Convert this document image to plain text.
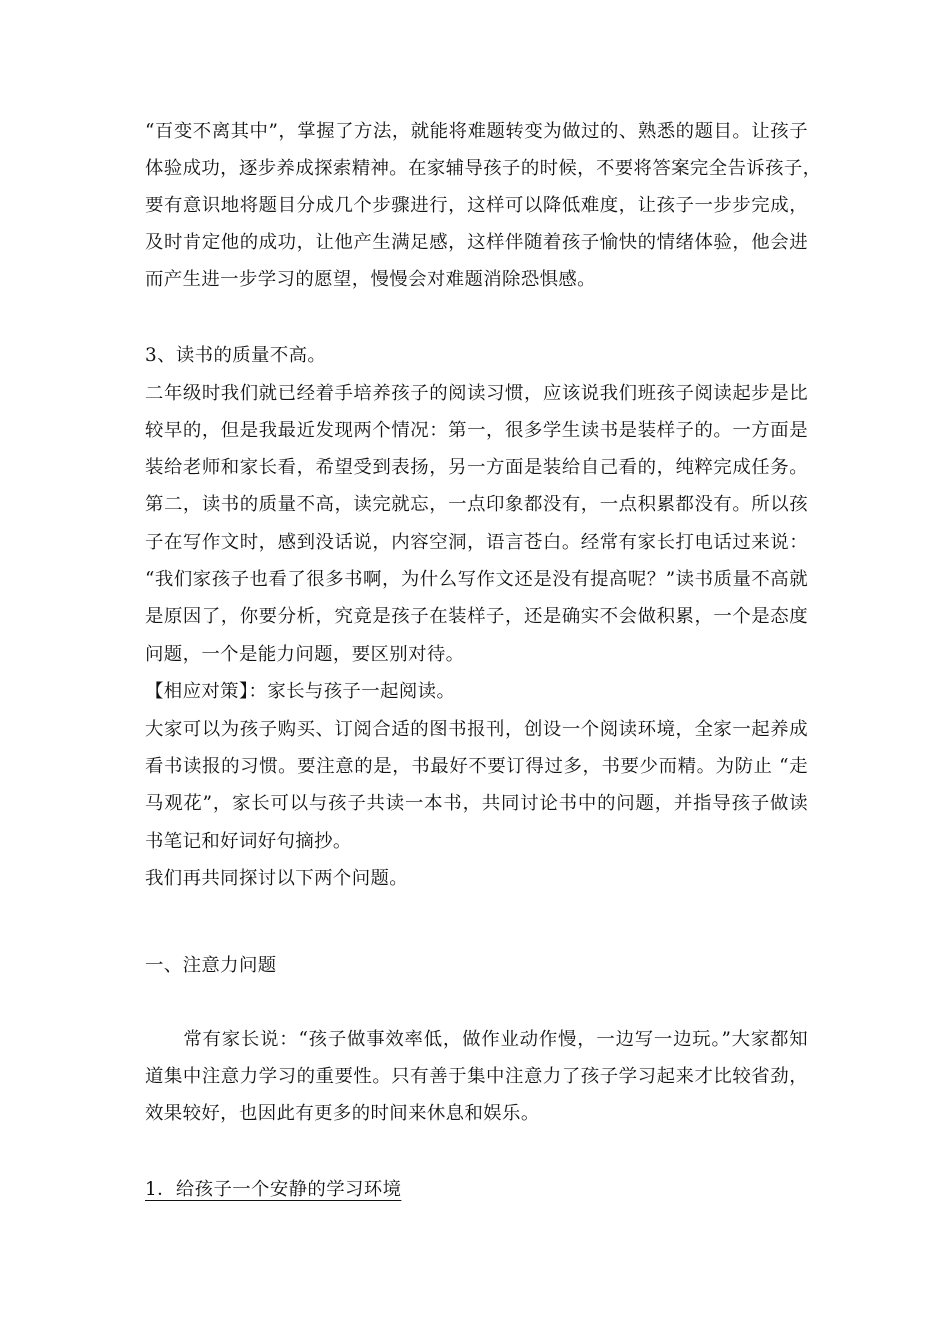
“百变不离其中”，掌握了方法，就能将难题转变为做过的、熟悉的题目。让孩子
体验成功，逐步养成探索精神。在家辅导孩子的时候，不要将答案完全告诉孩子，
要有意识地将题目分成几个步骤进行，这样可以降低难度，让孩子一步步完成，
及时肯定他的成功，让他产生满足感，这样伴随着孩子愉快的情绪体验，他会进
而产生进一步学习的愿望，慢慢会对难题消除恐惧感。
3、读书的质量不高。
二年级时我们就已经着手培养孩子的阅读习惯，应该说我们班孩子阅读起步是比
较早的，但是我最近发现两个情况：第一，很多学生读书是装样子的。一方面是
装给老师和家长看，希望受到表扬，另一方面是装给自己看的，纯粹完成任务。
第二，读书的质量不高，读完就忘，一点印象都没有，一点积累都没有。所以孩
子在写作文时，感到没话说，内容空洞，语言苍白。经常有家长打电话过来说：
“我们家孩子也看了很多书啊，为什么写作文还是没有提高呢？”读书质量不高就
是原因了，你要分析，究竟是孩子在装样子，还是确实不会做积累，一个是态度
问题，一个是能力问题，要区别对待。
【相应对策】：家长与孩子一起阅读。
大家可以为孩子购买、订阅合适的图书报刊，创设一个阅读环境，全家一起养成
看书读报的习惯。要注意的是，书最好不要订得过多，书要少而精。为防止 “走
马观花”，家长可以与孩子共读一本书，共同讨论书中的问题，并指导孩子做读
书笔记和好词好句摘抄。
我们再共同探讨以下两个问题。
一、注意力问题
　　常有家长说：“孩子做事效率低，做作业动作慢，一边写一边玩。”大家都知
道集中注意力学习的重要性。只有善于集中注意力了孩子学习起来才比较省劲，
效果较好，也因此有更多的时间来休息和娱乐。
1．给孩子一个安静的学习环境
